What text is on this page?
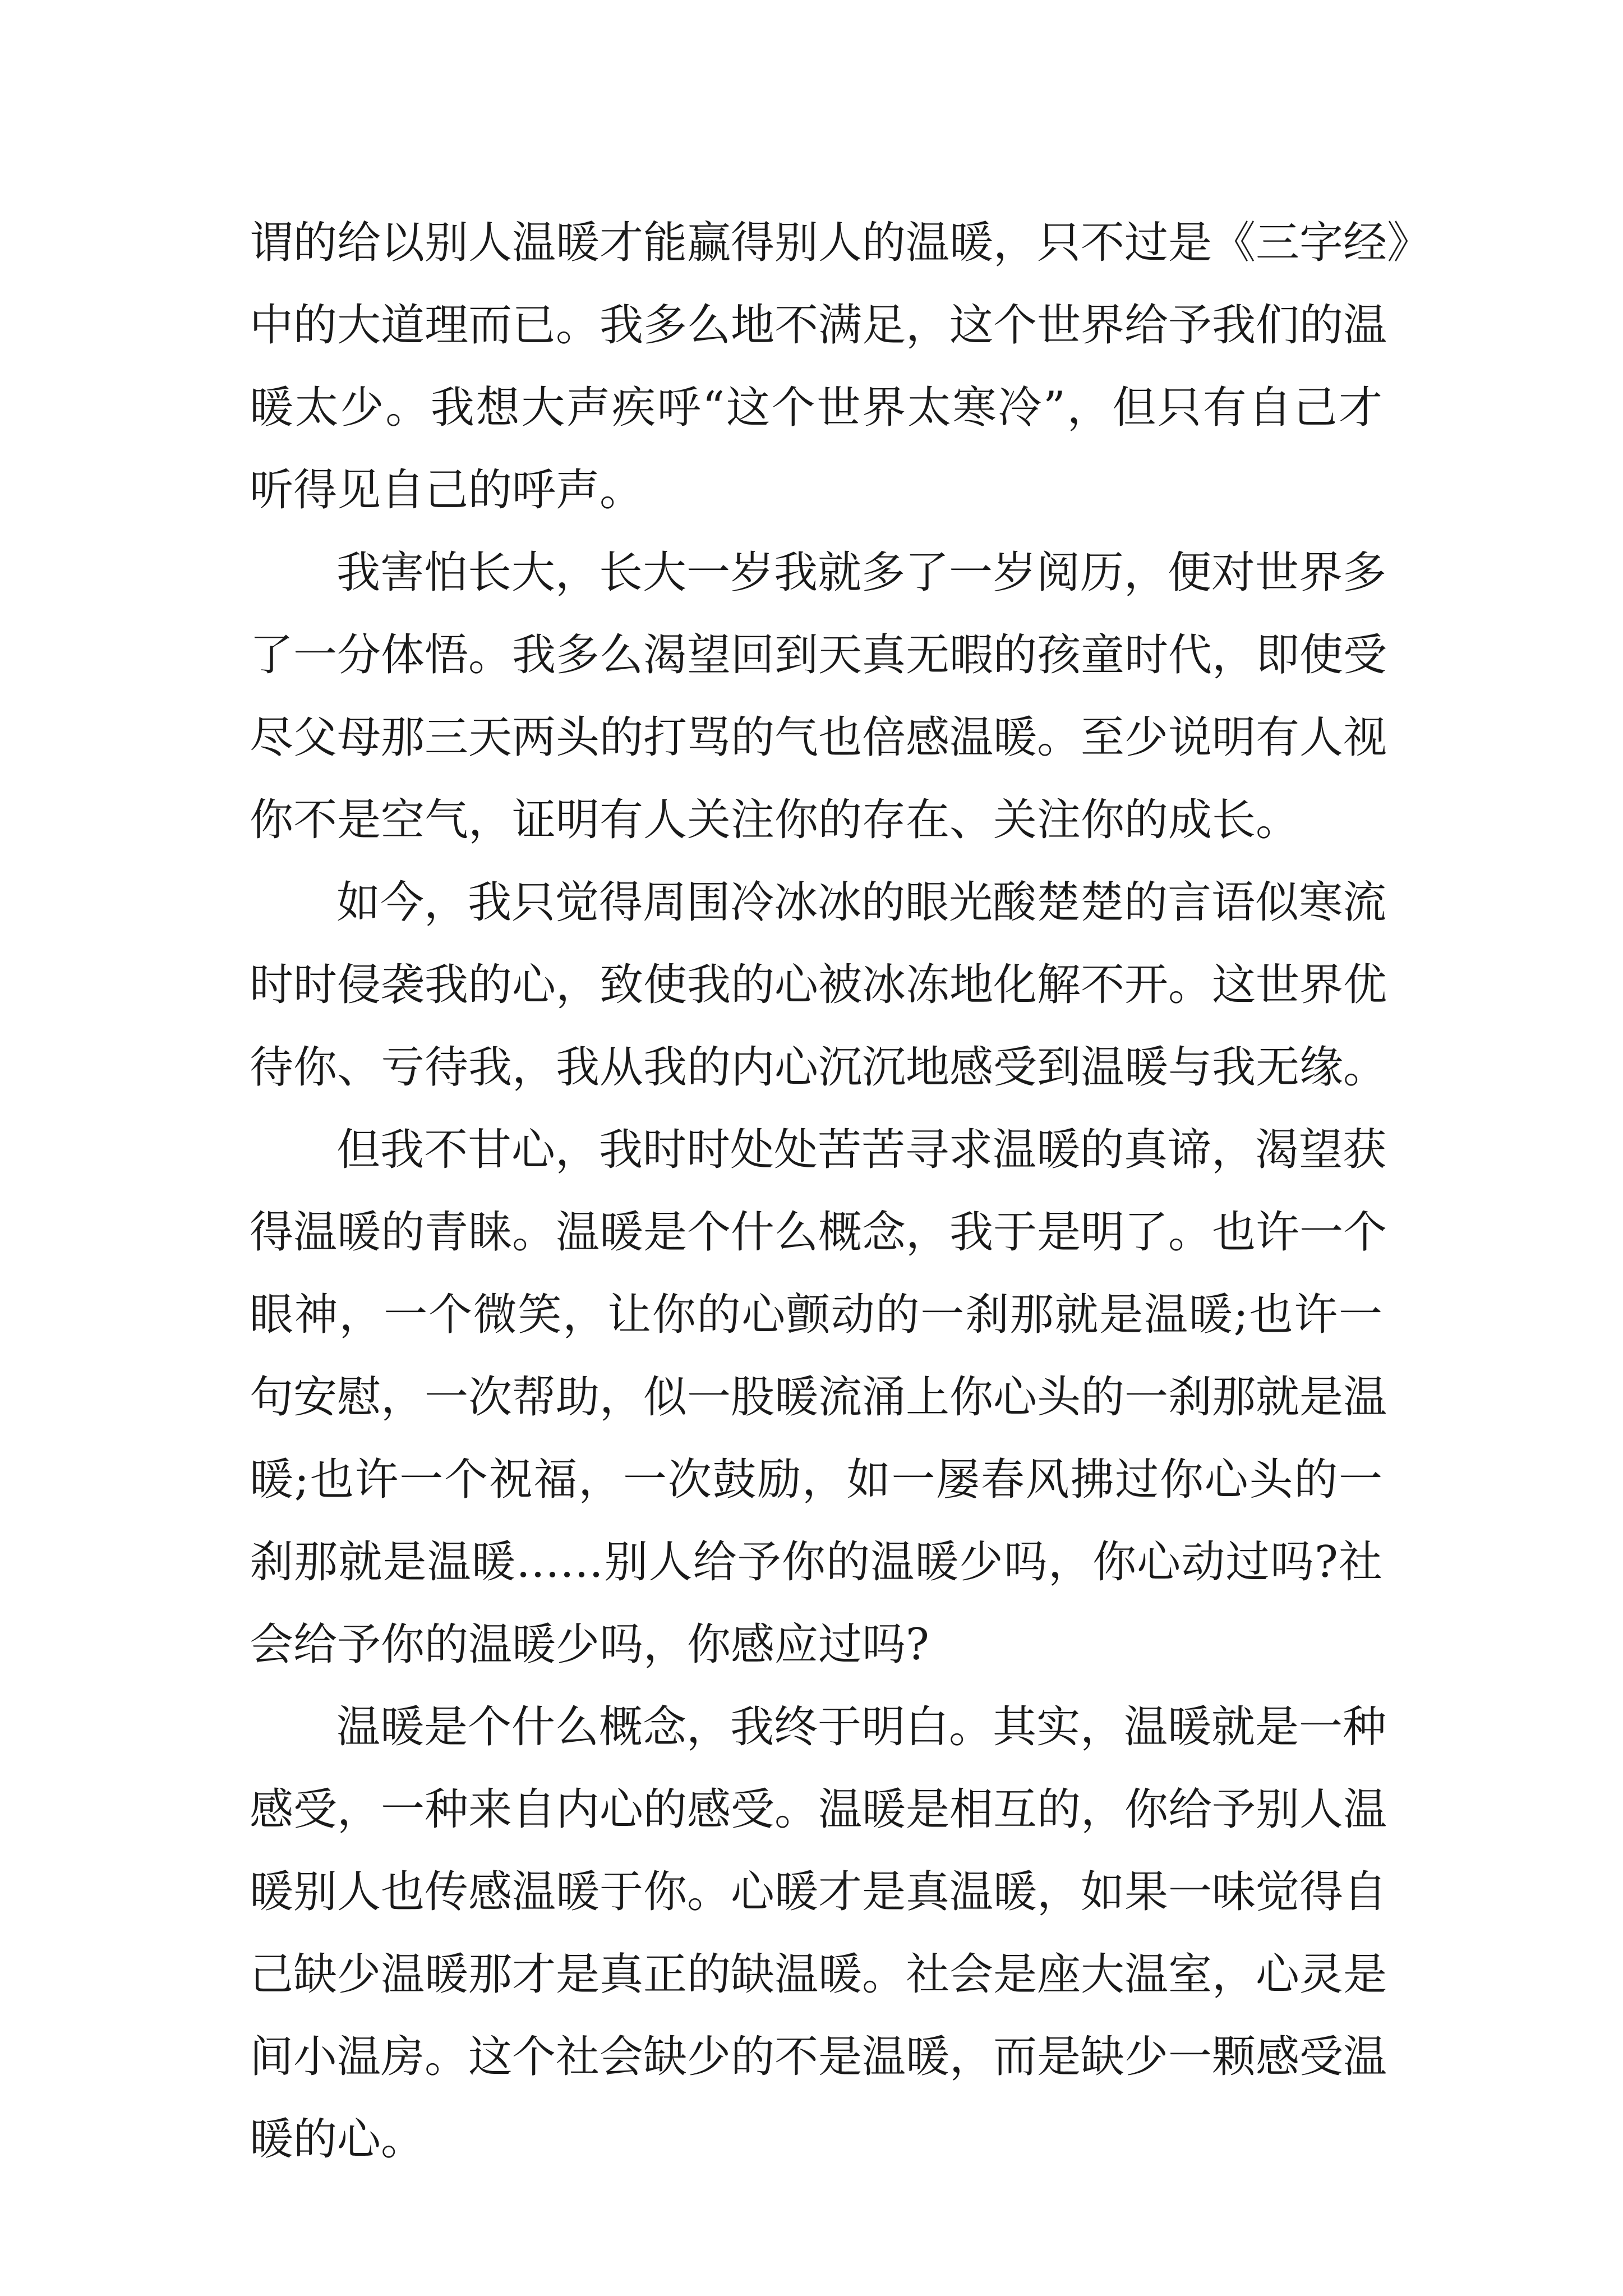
谓的给以别人温暖才能赢得别人的温暖，只不过是《三字经》
中的大道理而已。我多么地不满足，这个世界给予我们的温
暖太少。我想大声疾呼“这个世界太寒冷”，但只有自己才
听得见自己的呼声。
我害怕长大，长大一岁我就多了一岁阅历，便对世界多
了一分体悟。我多么渴望回到天真无暇的孩童时代，即使受
尽父母那三天两头的打骂的气也倍感温暖。至少说明有人视
你不是空气，证明有人关注你的存在、关注你的成长。
如今，我只觉得周围冷冰冰的眼光酸楚楚的言语似寒流
时时侵袭我的心，致使我的心被冰冻地化解不开。这世界优
待你、亏待我，我从我的内心沉沉地感受到温暖与我无缘。
但我不甘心，我时时处处苦苦寻求温暖的真谛，渴望获
得温暖的青睐。温暖是个什么概念，我于是明了。也许一个
眼神，一个微笑，让你的心颤动的一刹那就是温暖;也许一
句安慰，一次帮助，似一股暖流涌上你心头的一刹那就是温
暖;也许一个祝福，一次鼓励，如一屡春风拂过你心头的一
刹那就是温暖……别人给予你的温暖少吗，你心动过吗?社
会给予你的温暖少吗，你感应过吗?
温暖是个什么概念，我终于明白。其实，温暖就是一种
感受，一种来自内心的感受。温暖是相互的，你给予别人温
暖别人也传感温暖于你。心暖才是真温暖，如果一味觉得自
己缺少温暖那才是真正的缺温暖。社会是座大温室，心灵是
间小温房。这个社会缺少的不是温暖，而是缺少一颗感受温
暖的心。
